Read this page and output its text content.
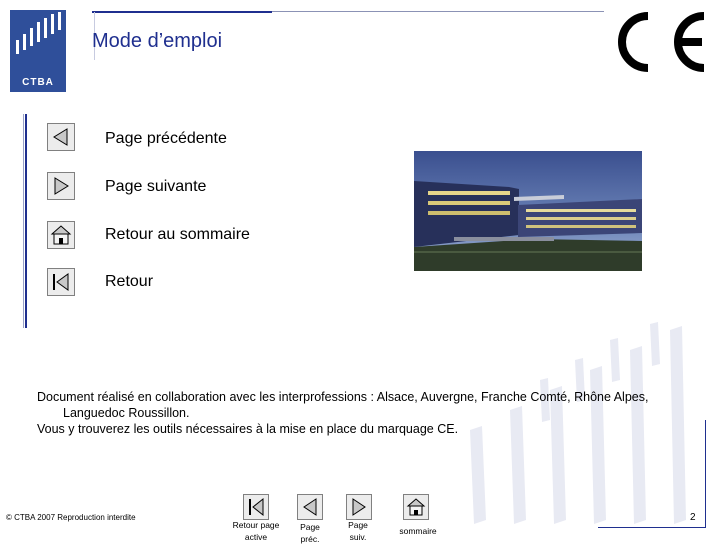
CTBA
Mode d’emploi
Page précédente
Page suivante
Retour au sommaire
Retour

Document réalisé en collaboration avec les interprofessions : Alsace, Auvergne, Franche Comté, Rhône Alpes,

Languedoc Roussillon.

Vous y trouverez les outils nécessaires à la mise en place du marquage CE.

© CTBA 2007 Reproduction interdite
Retour page
active
Page
préc.
Page
suiv.
sommaire
2
